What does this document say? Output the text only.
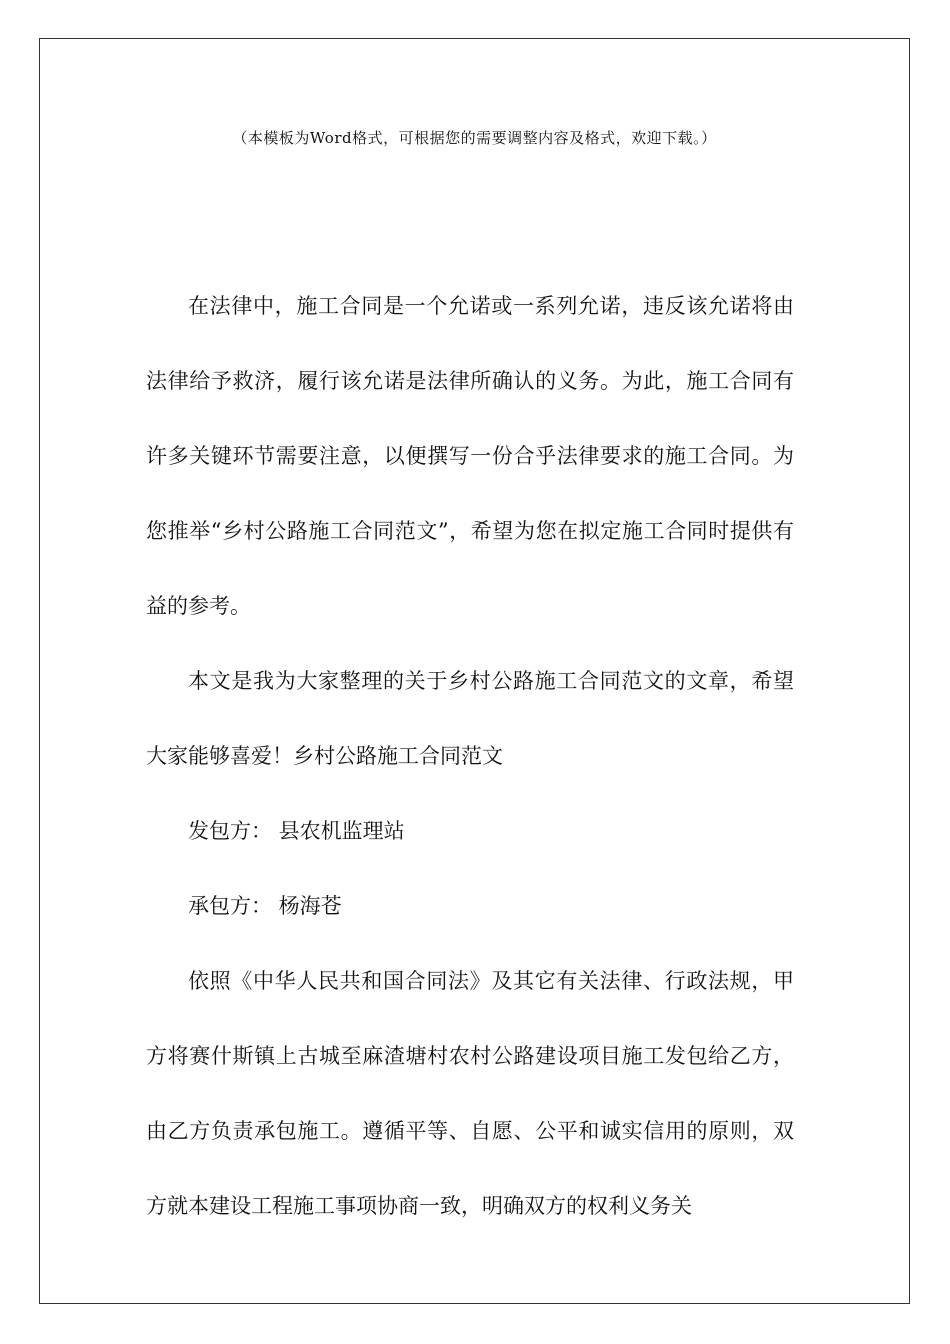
（本模板为Word格式，可根据您的需要调整内容及格式，欢迎下载。）

在法律中，施工合同是一个允诺或一系列允诺，违反该允诺将由法律给予救济，履行该允诺是法律所确认的义务。为此，施工合同有许多关键环节需要注意，以便撰写一份合乎法律要求的施工合同。为您推举“乡村公路施工合同范文”，希望为您在拟定施工合同时提供有益的参考。

本文是我为大家整理的关于乡村公路施工合同范文的文章，希望大家能够喜爱！乡村公路施工合同范文

发包方： 县农机监理站

承包方： 杨海苍

依照《中华人民共和国合同法》及其它有关法律、行政法规，甲方将赛什斯镇上古城至麻渣塘村农村公路建设项目施工发包给乙方，由乙方负责承包施工。遵循平等、自愿、公平和诚实信用的原则，双方就本建设工程施工事项协商一致，明确双方的权利义务关
